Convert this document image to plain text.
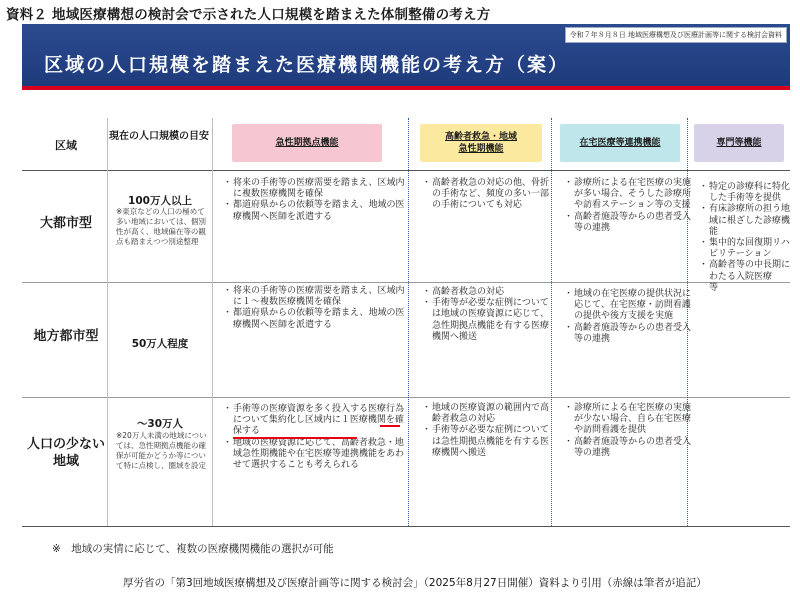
資料２ 地域医療構想の検討会で示された人口規模を踏まえた体制整備の考え方
令和７年８月８日 地域医療構想及び医療計画等に関する検討会資料
区域の人口規模を踏まえた医療機関機能の考え方（案）
区域
現在の人口規模の目安
急性期拠点機能
高齢者救急・地域急性期機能
在宅医療等連携機能	専門等機能
大都市型
100万人以上
※東京などの人口の極めて多い地域においては、個別性が高く、地域偏在等の観点も踏まえつつ別途整理
・ 将来の手術等の医療需要を踏まえ、区域内に複数医療機関を確保
・ 都道府県からの依頼等を踏まえ、地域の医療機関へ医師を派遣する
・ 高齢者救急の対応の他、骨折の手術など、頻度の多い一部の手術についても対応
・ 診療所による在宅医療の実施が多い場合、そうした診療所や訪看ステーション等の支援
・ 高齢者施設等からの患者受入等の連携
・ 特定の診療科に特化した手術等を提供
・ 有床診療所の担う地域に根ざした診療機能
・ 集中的な回復期リハビリテーション
・ 高齢者等の中長期にわたる入院医療　　等
地方都市型	50万人程度
・ 将来の手術等の医療需要を踏まえ、区域内に１～複数医療機関を確保
・ 都道府県からの依頼等を踏まえ、地域の医療機関へ医師を派遣する
・ 高齢者救急の対応
・ 手術等が必要な症例については地域の医療資源に応じて、急性期拠点機能を有する医療機関へ搬送
・ 地域の在宅医療の提供状況に応じて、在宅医療・訪問看護の提供や後方支援を実施
・ 高齢者施設等からの患者受入等の連携
人口の少ない地域
～30万人
※20万人未満の地域については、急性期拠点機能の確保が可能かどうか等について特に点検し、圏域を設定
・ 手術等の医療資源を多く投入する医療行為について集約化し区域内に１医療機関を確保する
・ 地域の医療資源に応じて、高齢者救急・地域急性期機能や在宅医療等連携機能をあわせて選択することも考えられる
・ 地域の医療資源の範囲内で高齢者救急の対応
・ 手術等が必要な症例については急性期拠点機能を有する医療機関へ搬送
・ 診療所による在宅医療の実施が少ない場合、自ら在宅医療や訪問看護を提供
・ 高齢者施設等からの患者受入等の連携
※　地域の実情に応じて、複数の医療機関機能の選択が可能
厚労省の「第3回地域医療構想及び医療計画等に関する検討会」（2025年8月27日開催）資料より引用（赤線は筆者が追記）
